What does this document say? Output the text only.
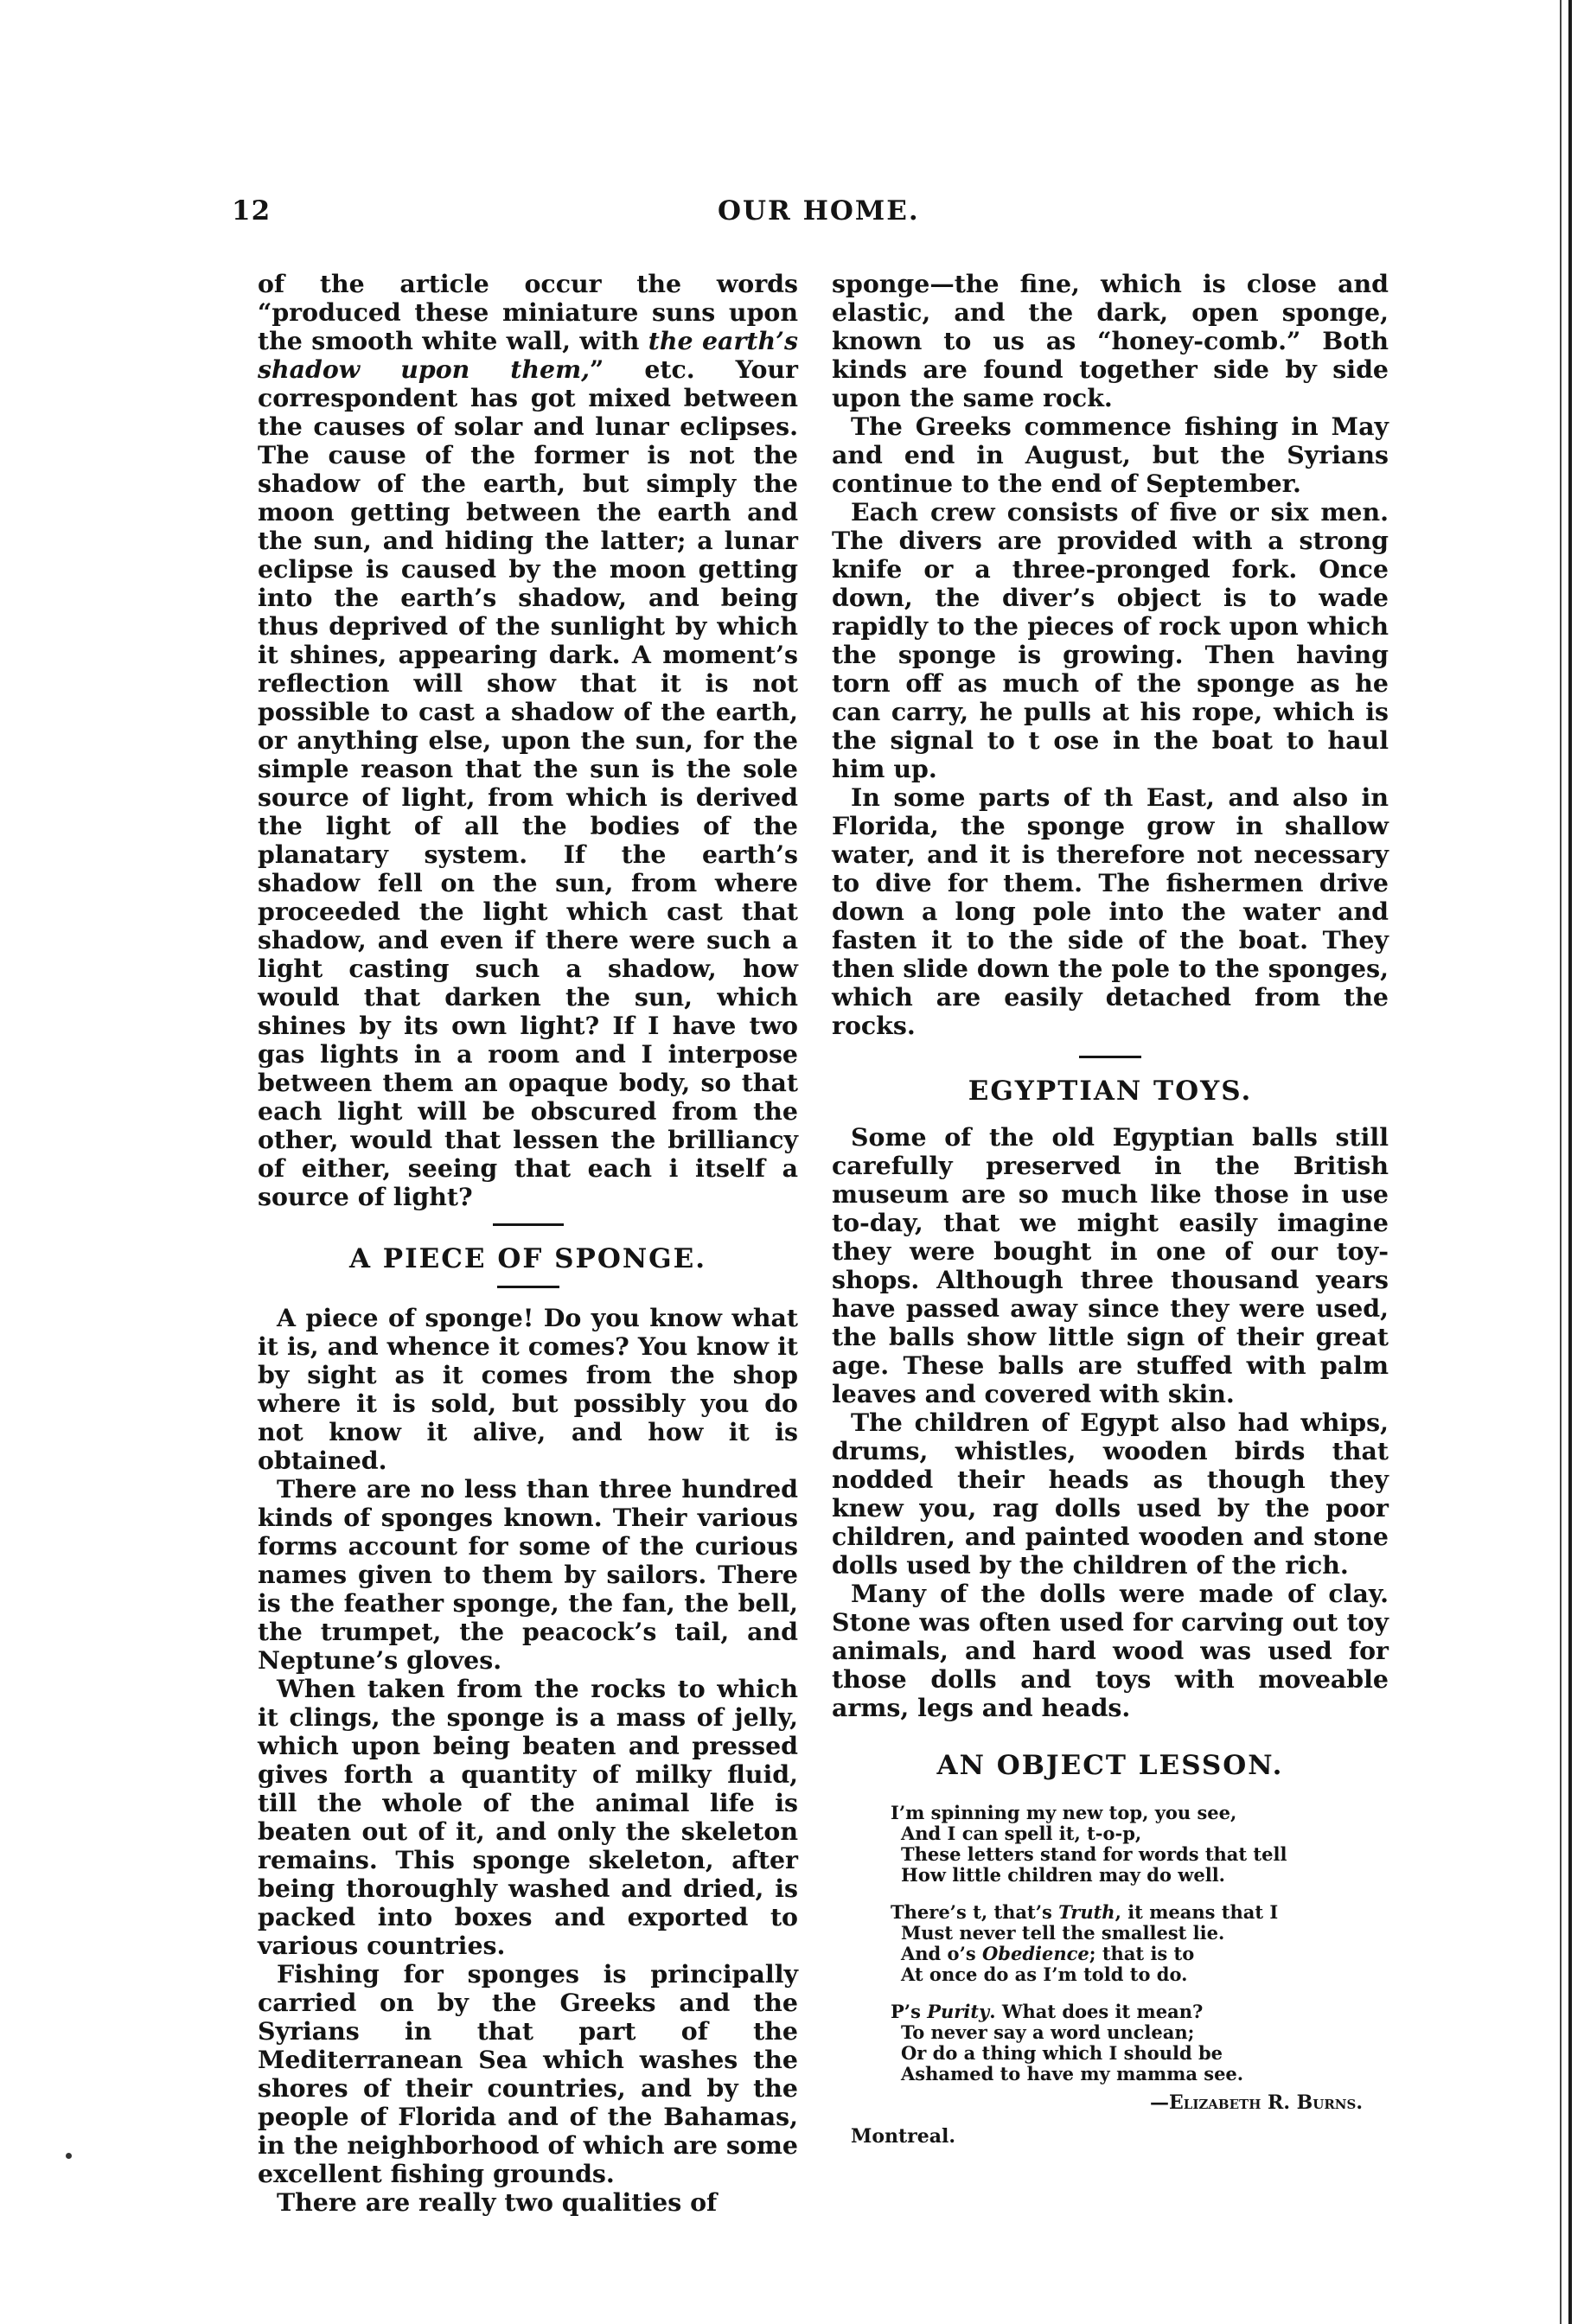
12	OUR HOME.

of the article occur the words “produced these miniature suns upon the smooth white wall, with the earth’s shadow upon them,” etc. Your correspondent has got mixed between the causes of solar and lunar eclipses. The cause of the former is not the shadow of the earth, but simply the moon getting between the earth and the sun, and hiding the latter; a lunar eclipse is caused by the moon getting into the earth’s shadow, and being thus deprived of the sunlight by which it shines, appearing dark. A moment’s reflection will show that it is not possible to cast a shadow of the earth, or anything else, upon the sun, for the simple reason that the sun is the sole source of light, from which is derived the light of all the bodies of the planatary system. If the earth’s shadow fell on the sun, from where proceeded the light which cast that shadow, and even if there were such a light casting such a shadow, how would that darken the sun, which shines by its own light? If I have two gas lights in a room and I interpose between them an opaque body, so that each light will be obscured from the other, would that lessen the brilliancy of either, seeing that each i itself a source of light?

A PIECE OF SPONGE.

A piece of sponge! Do you know what it is, and whence it comes? You know it by sight as it comes from the shop where it is sold, but possibly you do not know it alive, and how it is obtained.

There are no less than three hundred kinds of sponges known. Their various forms account for some of the curious names given to them by sailors. There is the feather sponge, the fan, the bell, the trumpet, the peacock’s tail, and Neptune’s gloves.

When taken from the rocks to which it clings, the sponge is a mass of jelly, which upon being beaten and pressed gives forth a quantity of milky fluid, till the whole of the animal life is beaten out of it, and only the skeleton remains. This sponge skeleton, after being thoroughly washed and dried, is packed into boxes and exported to various countries.

Fishing for sponges is principally carried on by the Greeks and the Syrians in that part of the Mediterranean Sea which washes the shores of their countries, and by the people of Florida and of the Bahamas, in the neighborhood of which are some excellent fishing grounds.

There are really two qualities of

sponge—the fine, which is close and elastic, and the dark, open sponge, known to us as “honey-comb.” Both kinds are found together side by side upon the same rock.

The Greeks commence fishing in May and end in August, but the Syrians continue to the end of September.

Each crew consists of five or six men. The divers are provided with a strong knife or a three-pronged fork. Once down, the diver’s object is to wade rapidly to the pieces of rock upon which the sponge is growing. Then having torn off as much of the sponge as he can carry, he pulls at his rope, which is the signal to t ose in the boat to haul him up.

In some parts of th East, and also in Florida, the sponge grow in shallow water, and it is therefore not necessary to dive for them. The fishermen drive down a long pole into the water and fasten it to the side of the boat. They then slide down the pole to the sponges, which are easily detached from the rocks.

EGYPTIAN TOYS.

Some of the old Egyptian balls still carefully preserved in the British museum are so much like those in use to-day, that we might easily imagine they were bought in one of our toy-shops. Although three thousand years have passed away since they were used, the balls show little sign of their great age. These balls are stuffed with palm leaves and covered with skin.

The children of Egypt also had whips, drums, whistles, wooden birds that nodded their heads as though they knew you, rag dolls used by the poor children, and painted wooden and stone dolls used by the children of the rich.

Many of the dolls were made of clay. Stone was often used for carving out toy animals, and hard wood was used for those dolls and toys with moveable arms, legs and heads.

AN OBJECT LESSON.
I’m spinning my new top, you see,
And I can spell it, t-o-p,
These letters stand for words that tell
How little children may do well.
There’s t, that’s Truth, it means that I
Must never tell the smallest lie.
And o’s Obedience; that is to
At once do as I’m told to do.
P’s Purity. What does it mean?
To never say a word unclean;
Or do a thing which I should be
Ashamed to have my mamma see.
—Elizabeth R. Burns.
Montreal.
